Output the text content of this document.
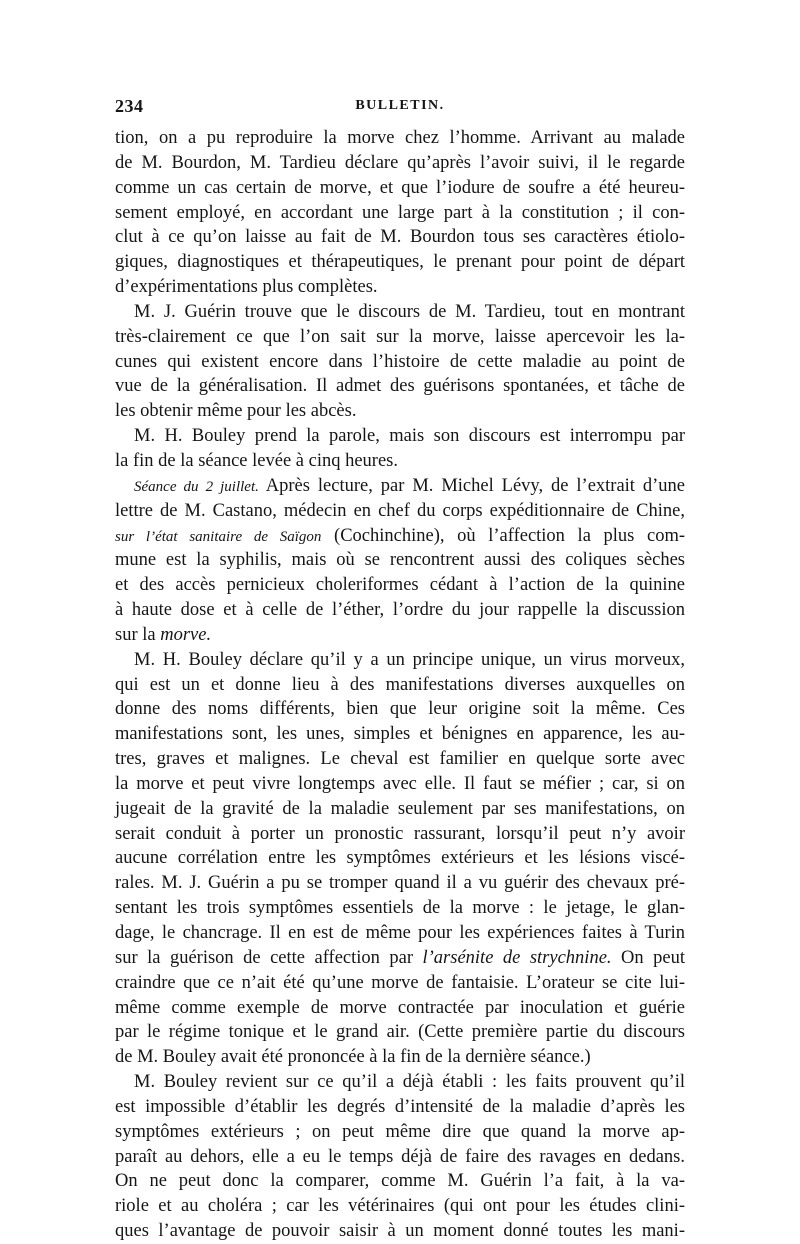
234	BULLETIN.
tion, on a pu reproduire la morve chez l’homme. Arrivant au malade
de M. Bourdon, M. Tardieu déclare qu’après l’avoir suivi, il le regarde
comme un cas certain de morve, et que l’iodure de soufre a été heureu-
sement employé, en accordant une large part à la constitution ; il con-
clut à ce qu’on laisse au fait de M. Bourdon tous ses caractères étiolo-
giques, diagnostiques et thérapeutiques, le prenant pour point de départ
d’expérimentations plus complètes.
M. J. Guérin trouve que le discours de M. Tardieu, tout en montrant
très-clairement ce que l’on sait sur la morve, laisse apercevoir les la-
cunes qui existent encore dans l’histoire de cette maladie au point de
vue de la généralisation. Il admet des guérisons spontanées, et tâche de
les obtenir même pour les abcès.
M. H. Bouley prend la parole, mais son discours est interrompu par
la fin de la séance levée à cinq heures.
Séance du 2 juillet. Après lecture, par M. Michel Lévy, de l’extrait d’une
lettre de M. Castano, médecin en chef du corps expéditionnaire de Chine,
sur l’état sanitaire de Saïgon (Cochinchine), où l’affection la plus com-
mune est la syphilis, mais où se rencontrent aussi des coliques sèches
et des accès pernicieux choleriformes cédant à l’action de la quinine
à haute dose et à celle de l’éther, l’ordre du jour rappelle la discussion
sur la morve.
M. H. Bouley déclare qu’il y a un principe unique, un virus morveux,
qui est un et donne lieu à des manifestations diverses auxquelles on
donne des noms différents, bien que leur origine soit la même. Ces
manifestations sont, les unes, simples et bénignes en apparence, les au-
tres, graves et malignes. Le cheval est familier en quelque sorte avec
la morve et peut vivre longtemps avec elle. Il faut se méfier ; car, si on
jugeait de la gravité de la maladie seulement par ses manifestations, on
serait conduit à porter un pronostic rassurant, lorsqu’il peut n’y avoir
aucune corrélation entre les symptômes extérieurs et les lésions viscé-
rales. M. J. Guérin a pu se tromper quand il a vu guérir des chevaux pré-
sentant les trois symptômes essentiels de la morve : le jetage, le glan-
dage, le chancrage. Il en est de même pour les expériences faites à Turin
sur la guérison de cette affection par l’arsénite de strychnine. On peut
craindre que ce n’ait été qu’une morve de fantaisie. L’orateur se cite lui-
même comme exemple de morve contractée par inoculation et guérie
par le régime tonique et le grand air. (Cette première partie du discours
de M. Bouley avait été prononcée à la fin de la dernière séance.)
M. Bouley revient sur ce qu’il a déjà établi : les faits prouvent qu’il
est impossible d’établir les degrés d’intensité de la maladie d’après les
symptômes extérieurs ; on peut même dire que quand la morve ap-
paraît au dehors, elle a eu le temps déjà de faire des ravages en dedans.
On ne peut donc la comparer, comme M. Guérin l’a fait, à la va-
riole et au choléra ; car les vétérinaires (qui ont pour les études clini-
ques l’avantage de pouvoir saisir à un moment donné toutes les mani-
